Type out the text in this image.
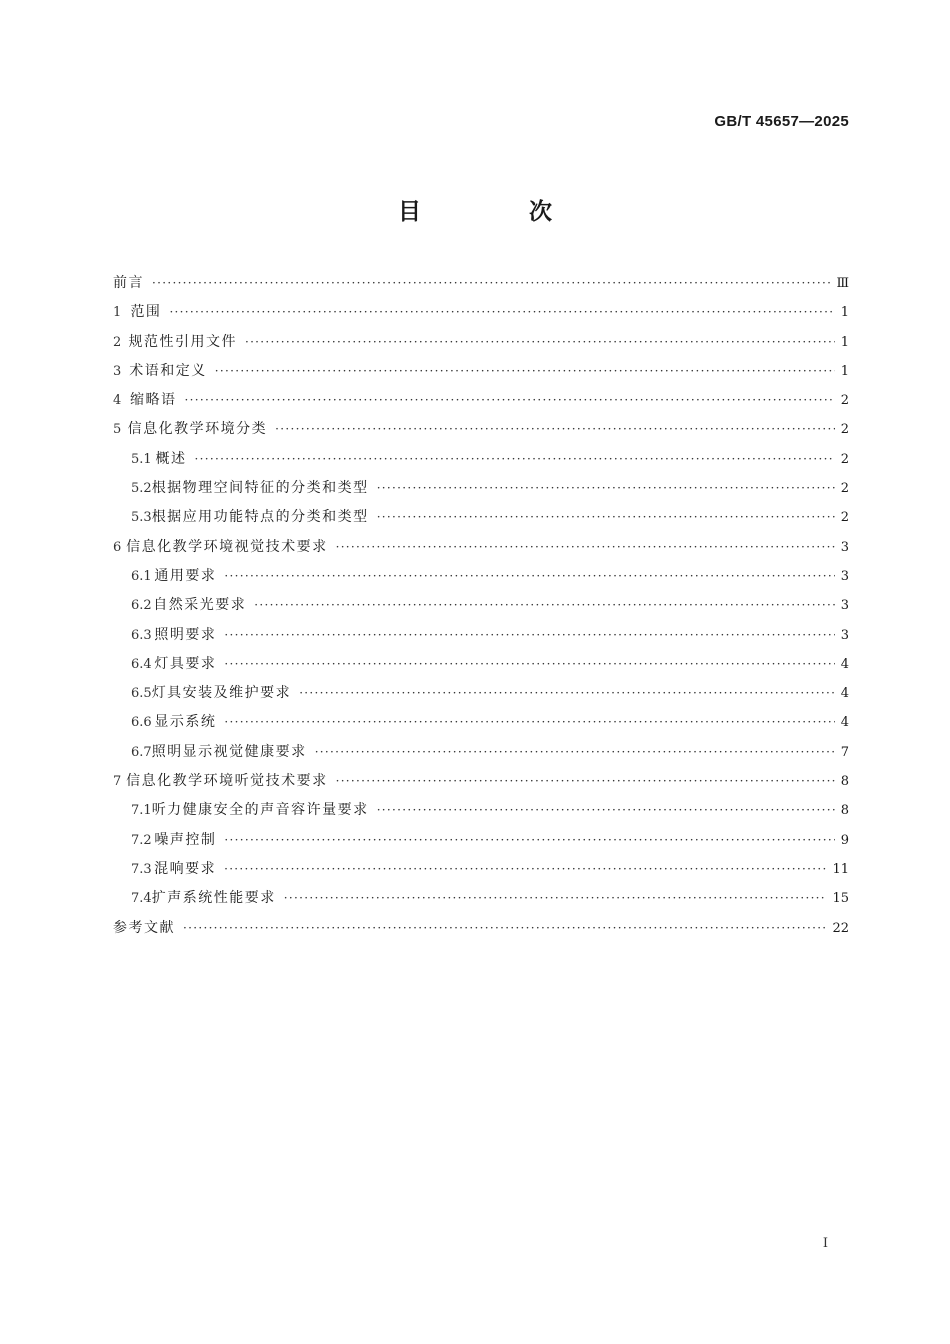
GB/T 45657—2025
目 次
前言 ·····	Ⅲ
1 范围 ·····	1
2 规范性引用文件 ·····	1
3 术语和定义 ·····	1
4 缩略语 ·····	2
5 信息化教学环境分类 ·····	2
5.1 概述 ·····	2
5.2 根据物理空间特征的分类和类型 ·····	2
5.3 根据应用功能特点的分类和类型 ·····	2
6 信息化教学环境视觉技术要求 ·····	3
6.1 通用要求 ·····	3
6.2 自然采光要求 ·····	3
6.3 照明要求 ·····	3
6.4 灯具要求 ·····	4
6.5 灯具安装及维护要求 ·····	4
6.6 显示系统 ·····	4
6.7 照明显示视觉健康要求 ·····	7
7 信息化教学环境听觉技术要求 ·····	8
7.1 听力健康安全的声音容许量要求 ·····	8
7.2 噪声控制 ·····	9
7.3 混响要求 ·····	11
7.4 扩声系统性能要求 ·····	15
参考文献 ·····	22
I
